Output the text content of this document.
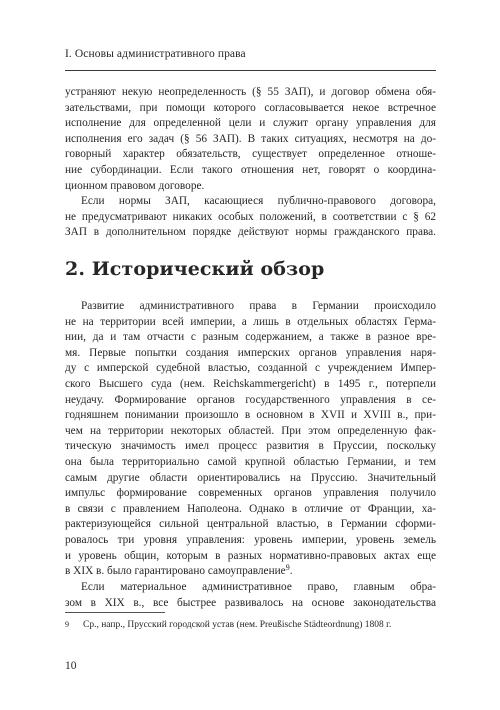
I. Основы административного права
устраняют некую неопределенность (§ 55 ЗАП), и договор обмена обя-
зательствами, при помощи которого согласовывается некое встречное
исполнение для определенной цели и служит органу управления для
исполнения его задач (§ 56 ЗАП). В таких ситуациях, несмотря на до-
говорный характер обязательств, существует определенное отноше-
ние субординации. Если такого отношения нет, говорят о координа-
ционном правовом договоре.
Если нормы ЗАП, касающиеся публично-правового договора,
не предусматривают никаких особых положений, в соответствии с § 62
ЗАП в дополнительном порядке действуют нормы гражданского права.
2. Исторический обзор
Развитие административного права в Германии происходило
не на территории всей империи, а лишь в отдельных областях Герма-
нии, да и там отчасти с разным содержанием, а также в разное вре-
мя. Первые попытки создания имперских органов управления наря-
ду с имперской судебной властью, созданной с учреждением Импер-
ского Высшего суда (нем. Reichskammergericht) в 1495 г., потерпели
неудачу. Формирование органов государственного управления в се-
годняшнем понимании произошло в основном в XVII и XVIII в., при-
чем на территории некоторых областей. При этом определенную фак-
тическую значимость имел процесс развития в Пруссии, поскольку
она была территориально самой крупной областью Германии, и тем
самым другие области ориентировались на Пруссию. Значительный
импульс формирование современных органов управления получило
в связи с правлением Наполеона. Однако в отличие от Франции, ха-
рактеризующейся сильной центральной властью, в Германии сформи-
ровалось три уровня управления: уровень империи, уровень земель
и уровень общин, которым в разных нормативно-правовых актах еще
в XIX в. было гарантировано самоуправление$^9$.
Если материальное административное право, главным обра-
зом в XIX в., все быстрее развивалось на основе законодательства
9 Ср., напр., Прусский городской устав (нем. Preußische Städteordnung) 1808 г.
10
